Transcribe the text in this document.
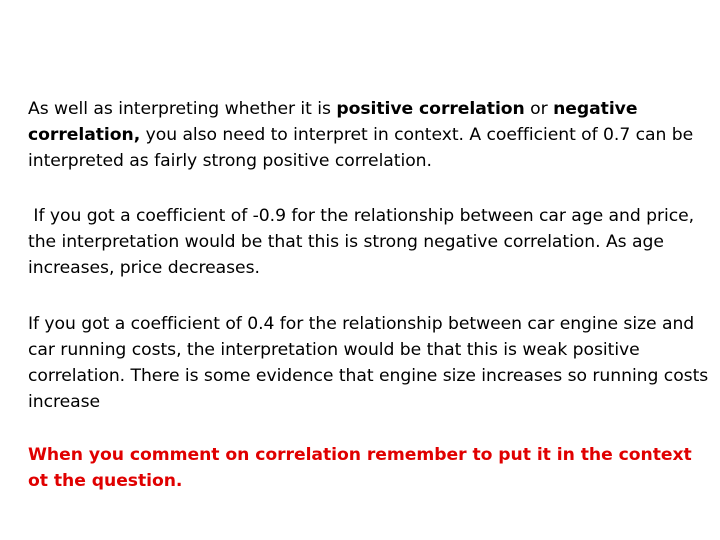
As well as interpreting whether it is positive correlation or negative correlation, you also need to interpret in context. A coefficient of 0.7 can be interpreted as fairly strong positive correlation.

If you got a coefficient of -0.9 for the relationship between car age and price, the interpretation would be that this is strong negative correlation. As age increases, price decreases.

If you got a coefficient of 0.4 for the relationship between car engine size and car running costs, the interpretation would be that this is weak positive correlation. There is some evidence that engine size increases so running costs increase

When you comment on correlation remember to put it in the context ot the question.
